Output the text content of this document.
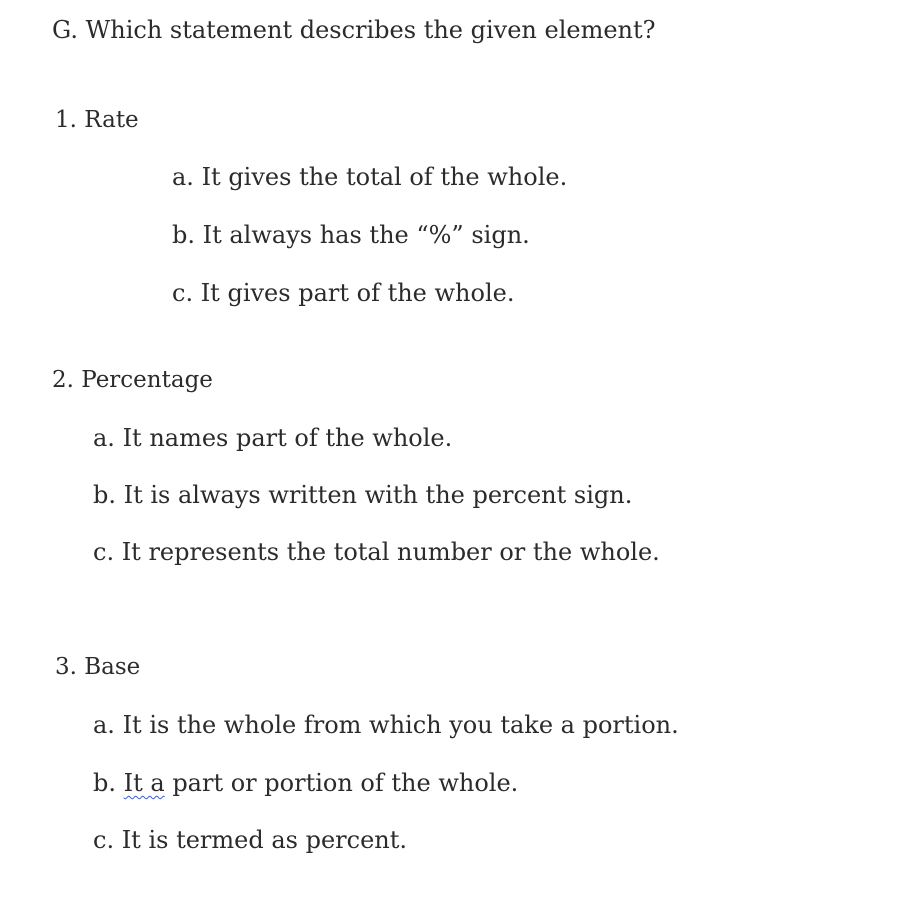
G. Which statement describes the given element?
1. Rate
a. It gives the total of the whole.
b. It always has the “%” sign.
c. It gives part of the whole.
2. Percentage
a. It names part of the whole.
b. It is always written with the percent sign.
c. It represents the total number or the whole.
3. Base
a. It is the whole from which you take a portion.
b. It a part or portion of the whole.
c. It is termed as percent.
